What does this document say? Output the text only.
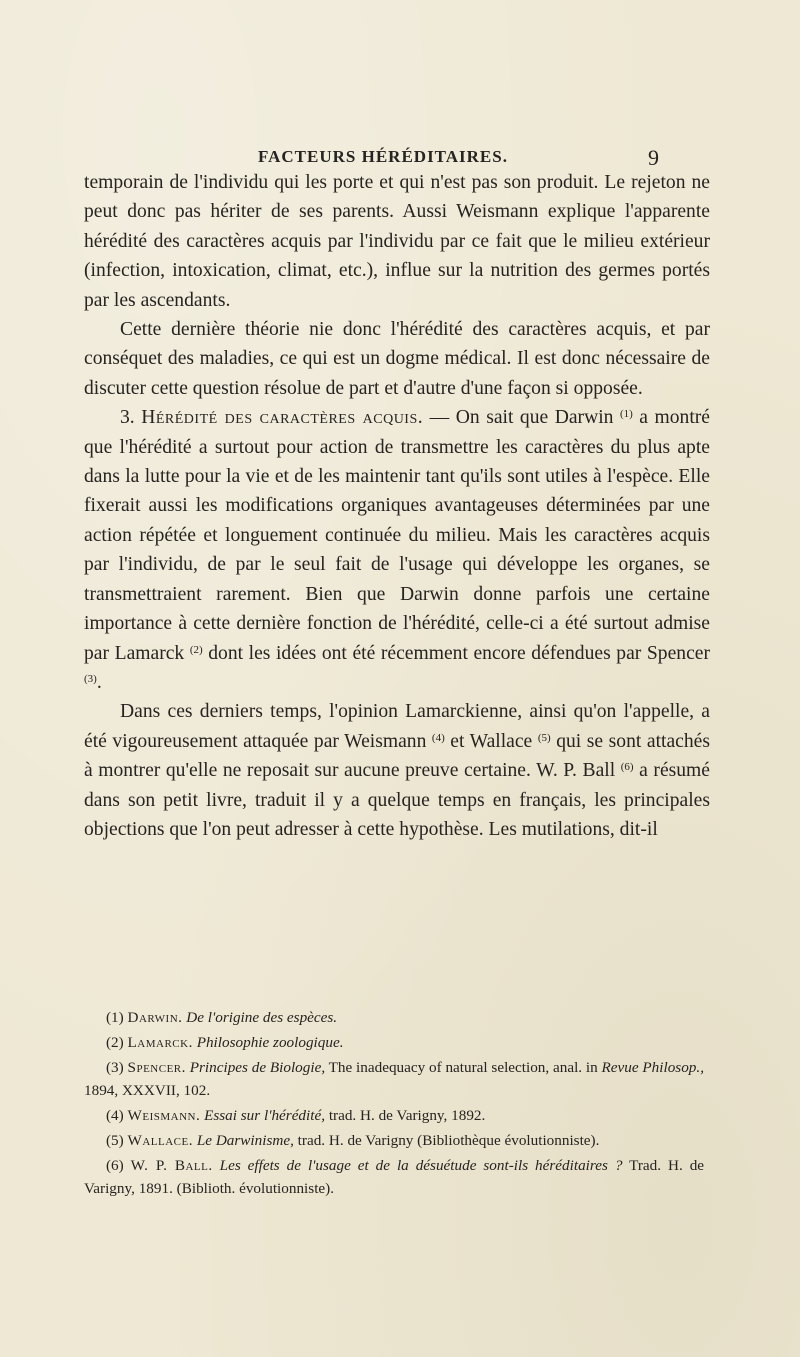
FACTEURS HÉRÉDITAIRES.	9

temporain de l'individu qui les porte et qui n'est pas son produit. Le rejeton ne peut donc pas hériter de ses parents. Aussi Weismann explique l'apparente hérédité des caractères acquis par l'individu par ce fait que le milieu extérieur (infection, intoxication, climat, etc.), influe sur la nutrition des germes portés par les ascendants.

Cette dernière théorie nie donc l'hérédité des caractères acquis, et par conséquet des maladies, ce qui est un dogme médical. Il est donc nécessaire de discuter cette question résolue de part et d'autre d'une façon si opposée.

3. Hérédité des caractères acquis. — On sait que Darwin $^{(1)}$ a montré que l'hérédité a surtout pour action de transmettre les caractères du plus apte dans la lutte pour la vie et de les maintenir tant qu'ils sont utiles à l'espèce. Elle fixerait aussi les modifications organiques avantageuses déterminées par une action répétée et longuement continuée du milieu. Mais les caractères acquis par l'individu, de par le seul fait de l'usage qui développe les organes, se transmettraient rarement. Bien que Darwin donne parfois une certaine importance à cette dernière fonction de l'hérédité, celle-ci a été surtout admise par Lamarck $^{(2)}$ dont les idées ont été récemment encore défendues par Spencer $^{(3)}$.

Dans ces derniers temps, l'opinion Lamarckienne, ainsi qu'on l'appelle, a été vigoureusement attaquée par Weismann $^{(4)}$ et Wallace $^{(5)}$ qui se sont attachés à montrer qu'elle ne reposait sur aucune preuve certaine. W. P. Ball $^{(6)}$ a résumé dans son petit livre, traduit il y a quelque temps en français, les principales objections que l'on peut adresser à cette hypothèse. Les mutilations, dit-il

(1) Darwin. De l'origine des espèces.

(2) Lamarck. Philosophie zoologique.

(3) Spencer. Principes de Biologie, The inadequacy of natural selection, anal. in Revue Philosop., 1894, XXXVII, 102.

(4) Weismann. Essai sur l'hérédité, trad. H. de Varigny, 1892.

(5) Wallace. Le Darwinisme, trad. H. de Varigny (Bibliothèque évolutionniste).

(6) W. P. Ball. Les effets de l'usage et de la désuétude sont-ils héréditaires ? Trad. H. de Varigny, 1891. (Biblioth. évolutionniste).
